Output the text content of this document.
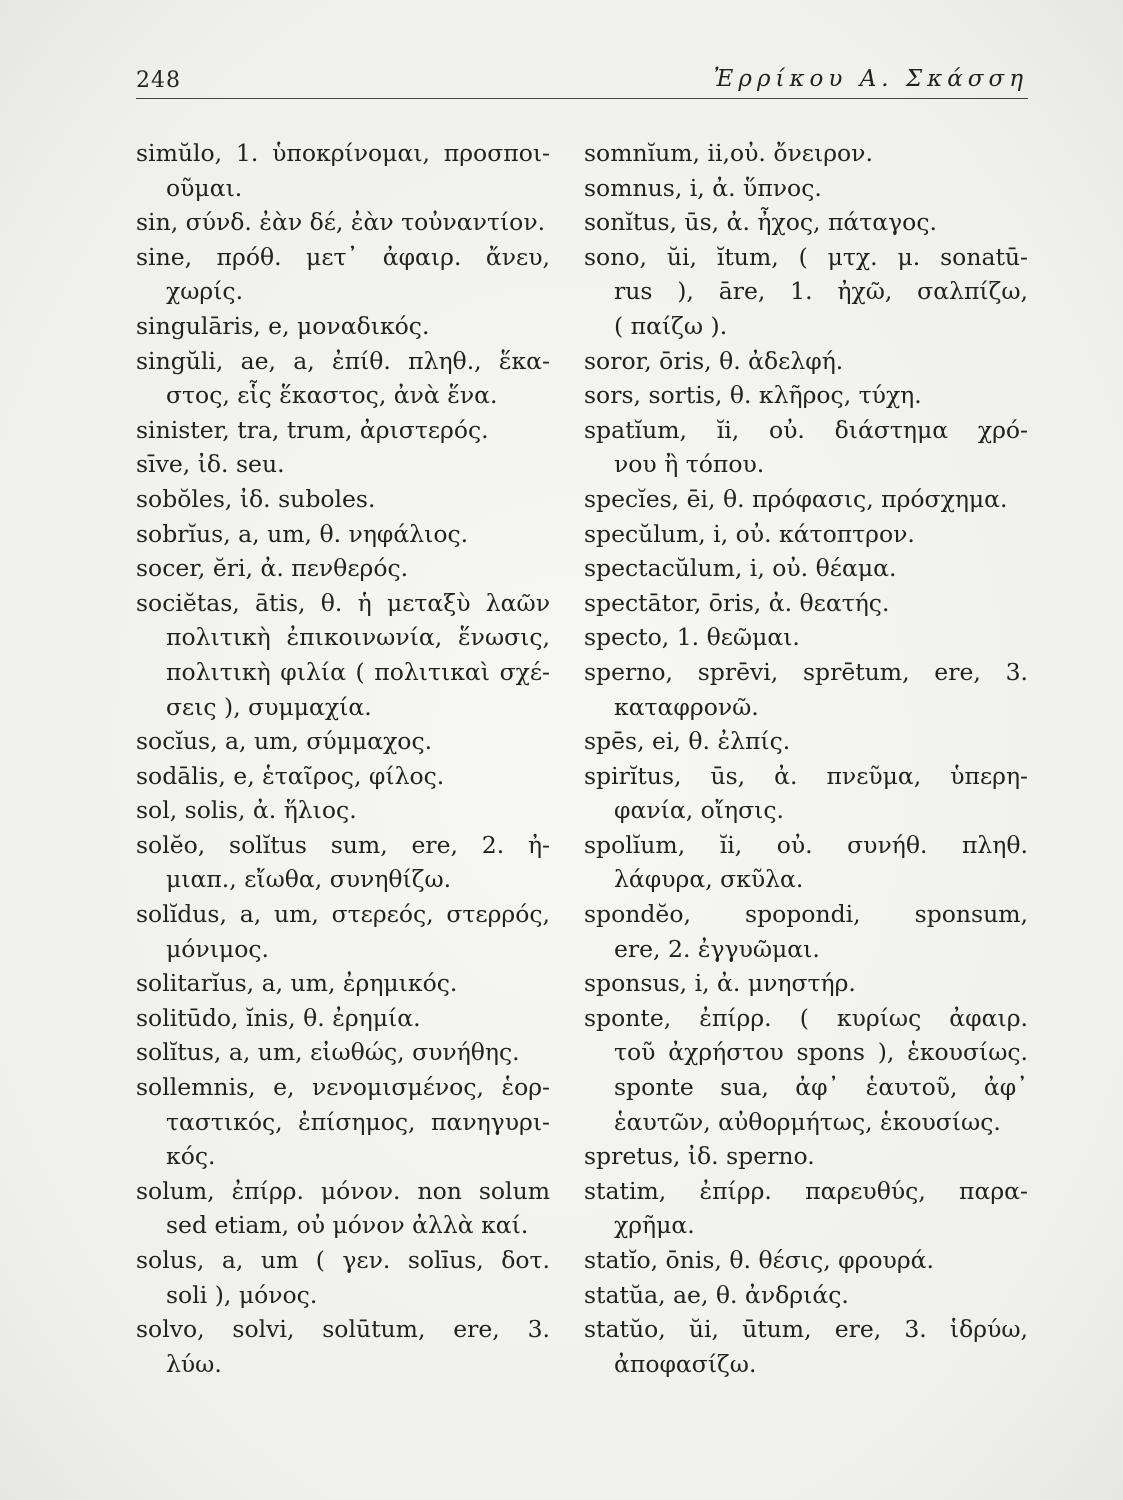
248	Ἐρρίκου Α. Σκάσση
simŭlo, 1. ὑποκρίνομαι, προσποι-
οῦμαι.
sin, σύνδ. ἐὰν δέ, ἐὰν τοὐναντίον.
sine, πρόθ. μετ᾽ ἀφαιρ. ἄνευ,
χωρίς.
singulāris, e, μοναδικός.
singŭli, ae, a, ἐπίθ. πληθ., ἕκα-
στος, εἷς ἕκαστος, ἀνὰ ἕνα.
sinister, tra, trum, ἀριστερός.
sīve, ἰδ. seu.
sobŏles, ἰδ. suboles.
sobrĭus, a, um, θ. νηφάλιος.
socer, ĕri, ἀ. πενθερός.
sociĕtas, ātis, θ. ἡ μεταξὺ λαῶν
πολιτικὴ ἐπικοινωνία, ἕνωσις,
πολιτικὴ φιλία ( πολιτικαὶ σχέ-
σεις ), συμμαχία.
socĭus, a, um, σύμμαχος.
sodālis, e, ἑταῖρος, φίλος.
sol, solis, ἀ. ἥλιος.
solĕo, solĭtus sum, ere, 2. ἠ-
μιαπ., εἴωθα, συνηθίζω.
solĭdus, a, um, στερεός, στερρός,
μόνιμος.
solitarĭus, a, um, ἐρημικός.
solitūdo, ĭnis, θ. ἐρημία.
solĭtus, a, um, εἰωθώς, συνήθης.
sollemnis, e, νενομισμένος, ἑορ-
ταστικός, ἐπίσημος, πανηγυρι-
κός.
solum, ἐπίρρ. μόνον. non solum
sed etiam, οὐ μόνον ἀλλὰ καί.
solus, a, um ( γεν. solīus, δοτ.
soli ), μόνος.
solvo, solvi, solūtum, ere, 3.
λύω.
somnĭum, ii,οὐ. ὄνειρον.
somnus, i, ἀ. ὕπνος.
sonĭtus, ūs, ἀ. ἦχος, πάταγος.
sono, ŭi, ĭtum, ( μτχ. μ. sonatū-
rus ), āre, 1. ἠχῶ, σαλπίζω,
( παίζω ).
soror, ōris, θ. ἀδελφή.
sors, sortis, θ. κλῆρος, τύχη.
spatĭum, ĭi, οὐ. διάστημα χρό-
νου ἢ τόπου.
specĭes, ēi, θ. πρόφασις, πρόσχημα.
specŭlum, i, οὐ. κάτοπτρον.
spectacŭlum, i, οὐ. θέαμα.
spectātor, ōris, ἀ. θεατής.
specto, 1. θεῶμαι.
sperno, sprēvi, sprētum, ere, 3.
καταφρονῶ.
spēs, ei, θ. ἐλπίς.
spirĭtus, ūs, ἀ. πνεῦμα, ὑπερη-
φανία, οἴησις.
spolĭum, ĭi, οὐ. συνήθ. πληθ.
λάφυρα, σκῦλα.
spondĕo, spopondi, sponsum,
ere, 2. ἐγγυῶμαι.
sponsus, i, ἀ. μνηστήρ.
sponte, ἐπίρρ. ( κυρίως ἀφαιρ.
τοῦ ἀχρήστου spons ), ἑκουσίως.
sponte sua, ἀφ᾽ ἑαυτοῦ, ἀφ᾽
ἑαυτῶν, αὐθορμήτως, ἑκουσίως.
spretus, ἰδ. sperno.
statim, ἐπίρρ. παρευθύς, παρα-
χρῆμα.
statĭo, ōnis, θ. θέσις, φρουρά.
statŭa, ae, θ. ἀνδριάς.
statŭo, ŭi, ūtum, ere, 3. ἱδρύω,
ἀποφασίζω.
